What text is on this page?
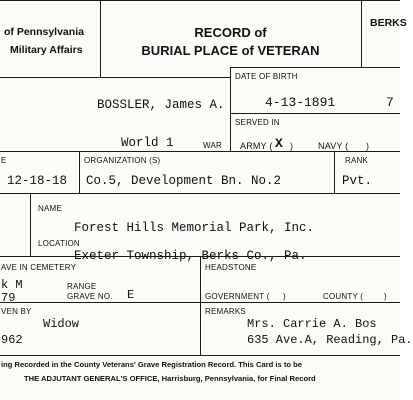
of Pennsylvania
Military Affairs
RECORD of
BURIAL PLACE of VETERAN
BERKS
DATE OF BIRTH
BOSSLER, James A.	4-13-1891	7
SERVED IN
World 1	WAR ARMY ( X )	NAVY ( )
E	ORGANIZATION (S)	RANK
12-18-18 Co.5, Development Bn. No.2	Pvt.
NAME
Forest Hills Memorial Park, Inc.
LOCATION
Exeter Township, Berks Co., Pa.
AVE IN CEMETERY
k M	RANGE
79	GRAVE NO. E
HEADSTONE
GOVERNMENT ( )	COUNTY (	)
VEN BY
Widow
962
REMARKS
Mrs. Carrie A. Bos
635 Ave.A, Reading, Pa.
ing Recorded in the County Veterans' Grave Registration Record. This Card is to be
THE ADJUTANT GENERAL'S OFFICE, Harrisburg, Pennsylvania, for Final Record
